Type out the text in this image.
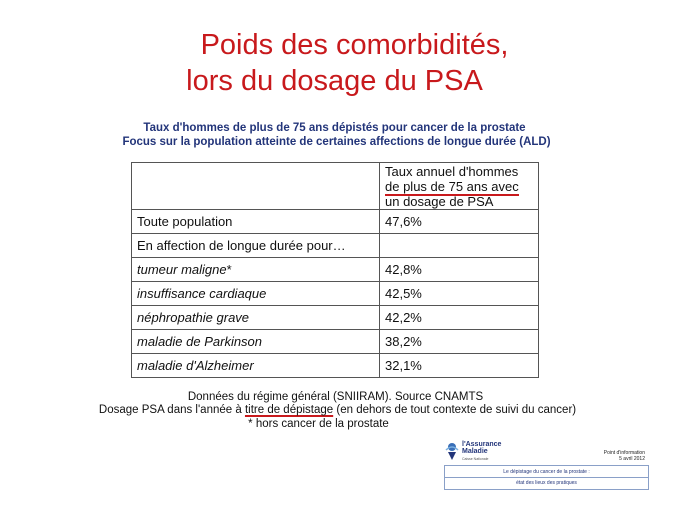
Poids des comorbidités,
lors du dosage du PSA
Taux d'hommes de plus de 75 ans dépistés pour cancer de la prostate
Focus sur la population atteinte de certaines affections de longue durée (ALD)

	Taux annuel d'hommes
de plus de 75 ans avec
un dosage de PSA

Toute population	47,6%
En affection de longue durée pour…	
tumeur maligne*	42,8%
insuffisance cardiaque	42,5%
néphropathie grave	42,2%
maladie de Parkinson	38,2%
maladie d'Alzheimer	32,1%
Données du régime général (SNIIRAM). Source CNAMTS
Dosage PSA dans l'année à titre de dépistage (en dehors de tout contexte de suivi du cancer)
* hors cancer de la prostate
l'Assurance
Maladie
Caisse Nationale
Point d'information
5 avril 2012
Le dépistage du cancer de la prostate :
état des lieux des pratiques
